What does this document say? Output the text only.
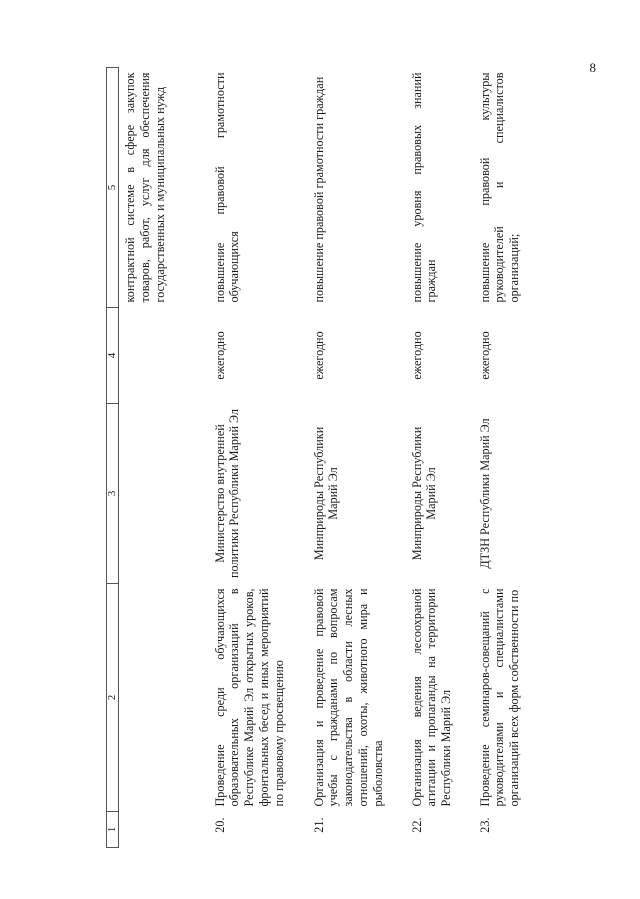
8
1	2	3	4	5
				контрактной системе в сфере закупок товаров, работ, услуг для обеспечения государственных и муниципальных нужд
20.	Проведение среди обучающихся образовательных организаций в Республике Марий Эл открытых уроков, фронтальных бесед и иных мероприятий по правовому просвещению	Министерство внутренней политики Республики Марий Эл	ежегодно	повышение правовой грамотности обучающихся
21.	Организация и проведение правовой учебы с гражданами по вопросам законодательства в области лесных отношений, охоты, животного мира и рыболовства	Минприроды Республики Марий Эл	ежегодно	повышение правовой грамотности граждан
22.	Организация ведения лесоохраной агитации и пропаганды на территории Республики Марий Эл	Минприроды Республики Марий Эл	ежегодно	повышение уровня правовых знаний граждан
23.	Проведение семинаров-совещаний с руководителями и специалистами организаций всех форм собственности по	ДТЗН Республики Марий Эл	ежегодно	повышение правовой культуры руководителей и специалистов организаций;
